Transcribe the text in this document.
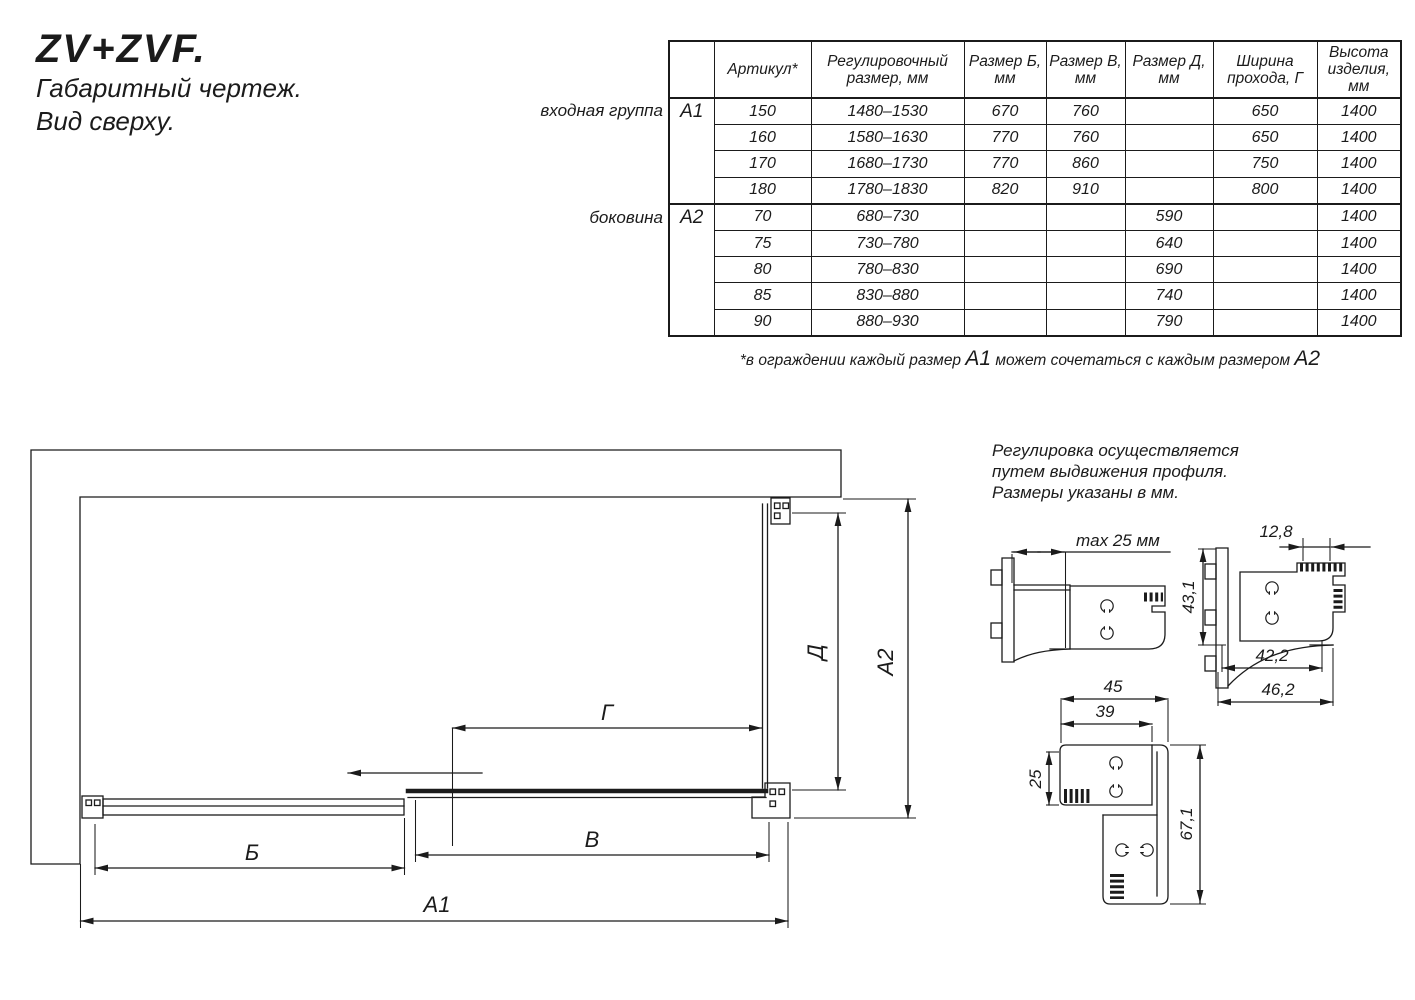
ZV+ZVF.
Габаритный чертеж.
Вид сверху.
	Артикул*	Регулировочный размер, мм	Размер Б, мм	Размер В, мм	Размер Д, мм	Ширина прохода, Г	Высота изделия, мм
А1	150	1480–1530	670	760		650	1400
	160	1580–1630	770	760		650	1400
	170	1680–1730	770	860		750	1400
	180	1780–1830	820	910		800	1400
А2	70	680–730			590		1400
	75	730–780			640		1400
	80	780–830			690		1400
	85	830–880			740		1400
	90	880–930			790		1400
входная группа
боковина
*в ограждении каждый размер А1 может сочетаться с каждым размером А2
Регулировка осуществляется
путем выдвижения профиля.
Размеры указаны в мм.
Г
Д А2
Б
В
А1
max 25 мм	12,8
43,1
42,2
46,2
45
39
25
67,1
